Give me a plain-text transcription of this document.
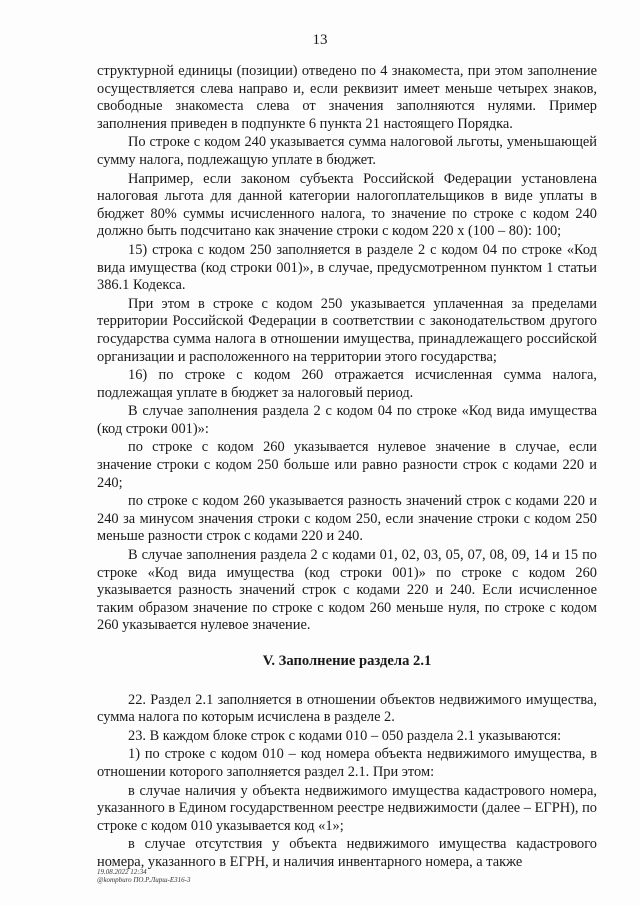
13

структурной единицы (позиции) отведено по 4 знакоместа, при этом заполнение осуществляется слева направо и, если реквизит имеет меньше четырех знаков, свободные знакоместа слева от значения заполняются нулями. Пример заполнения приведен в подпункте 6 пункта 21 настоящего Порядка.

По строке с кодом 240 указывается сумма налоговой льготы, уменьшающей сумму налога, подлежащую уплате в бюджет.

Например, если законом субъекта Российской Федерации установлена налоговая льгота для данной категории налогоплательщиков в виде уплаты в бюджет 80% суммы исчисленного налога, то значение по строке с кодом 240 должно быть подсчитано как значение строки с кодом 220 х (100 – 80): 100;

15) строка с кодом 250 заполняется в разделе 2 с кодом 04 по строке «Код вида имущества (код строки 001)», в случае, предусмотренном пунктом 1 статьи 386.1 Кодекса.

При этом в строке с кодом 250 указывается уплаченная за пределами территории Российской Федерации в соответствии с законодательством другого государства сумма налога в отношении имущества, принадлежащего российской организации и расположенного на территории этого государства;

16) по строке с кодом 260 отражается исчисленная сумма налога, подлежащая уплате в бюджет за налоговый период.

В случае заполнения раздела 2 с кодом 04 по строке «Код вида имущества (код строки 001)»:

по строке с кодом 260 указывается нулевое значение в случае, если значение строки с кодом 250 больше или равно разности строк с кодами 220 и 240;

по строке с кодом 260 указывается разность значений строк с кодами 220 и 240 за минусом значения строки с кодом 250, если значение строки с кодом 250 меньше разности строк с кодами 220 и 240.

В случае заполнения раздела 2 с кодами 01, 02, 03, 05, 07, 08, 09, 14 и 15 по строке «Код вида имущества (код строки 001)» по строке с кодом 260 указывается разность значений строк с кодами 220 и 240. Если исчисленное таким образом значение по строке с кодом 260 меньше нуля, по строке с кодом 260 указывается нулевое значение.

V. Заполнение раздела 2.1

22. Раздел 2.1 заполняется в отношении объектов недвижимого имущества, сумма налога по которым исчислена в разделе 2.

23. В каждом блоке строк с кодами 010 – 050 раздела 2.1 указываются:

1) по строке с кодом 010 – код номера объекта недвижимого имущества, в отношении которого заполняется раздел 2.1. При этом:

в случае наличия у объекта недвижимого имущества кадастрового номера, указанного в Едином государственном реестре недвижимости (далее – ЕГРН), по строке с кодом 010 указывается код «1»;

в случае отсутствия у объекта недвижимого имущества кадастрового номера, указанного в ЕГРН, и наличия инвентарного номера, а также

19.08.2022 12:34
@kompburo ПО.Р.Лирш-Е316-3
